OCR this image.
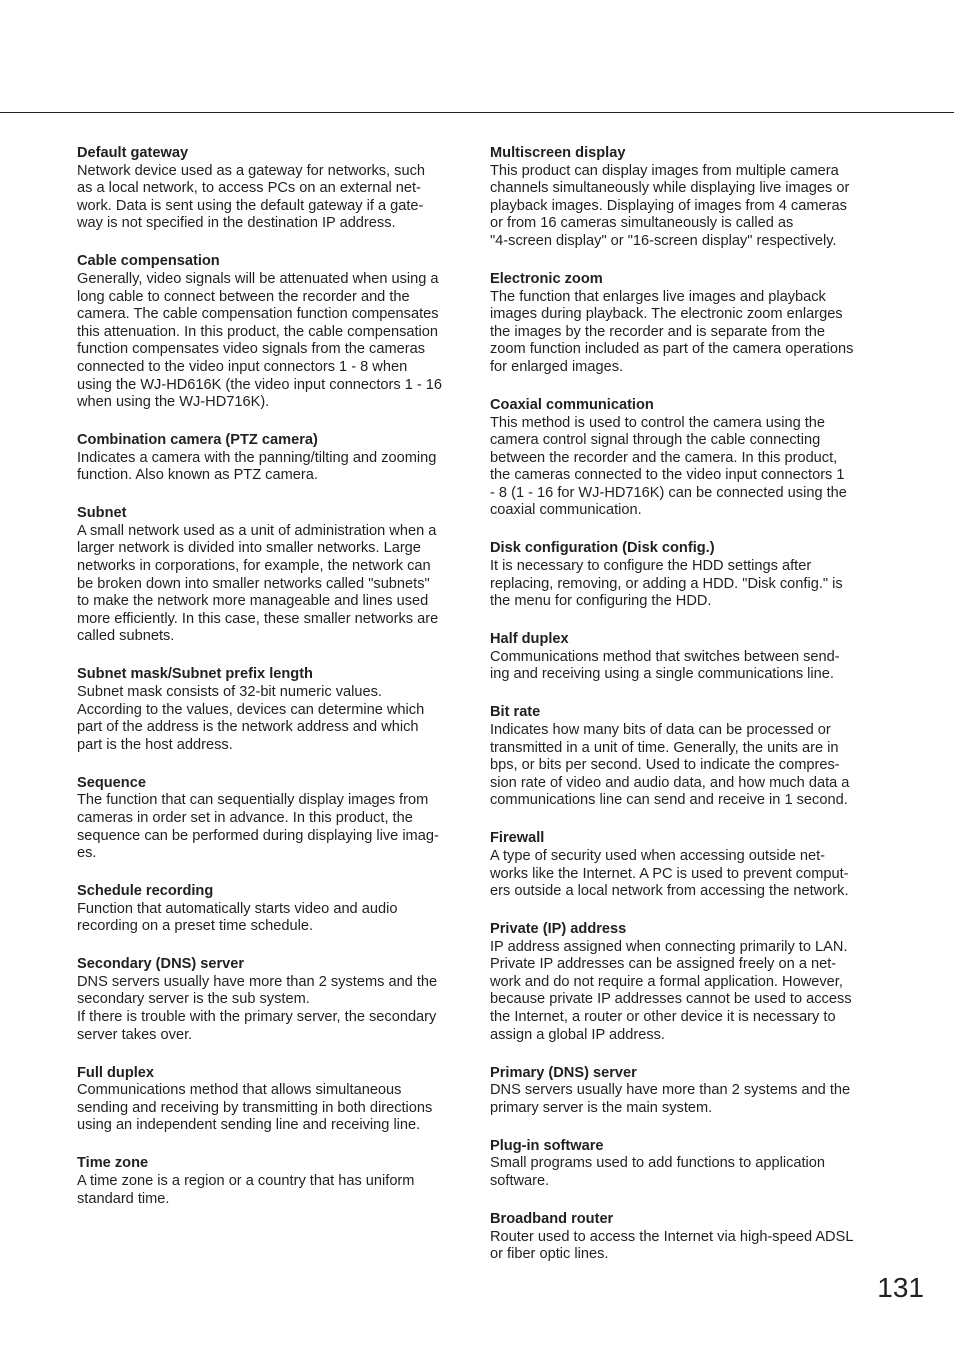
Default gateway
Network device used as a gateway for networks, such
as a local network, to access PCs on an external net-
work. Data is sent using the default gateway if a gate-
way is not specified in the destination IP address.
Cable compensation
Generally, video signals will be attenuated when using a
long cable to connect between the recorder and the
camera. The cable compensation function compensates
this attenuation. In this product, the cable compensation
function compensates video signals from the cameras
connected to the video input connectors 1 - 8 when
using the WJ-HD616K (the video input connectors 1 - 16
when using the WJ-HD716K).
Combination camera (PTZ camera)
Indicates a camera with the panning/tilting and zooming
function. Also known as PTZ camera.
Subnet
A small network used as a unit of administration when a
larger network is divided into smaller networks. Large
networks in corporations, for example, the network can
be broken down into smaller networks called "subnets"
to make the network more manageable and lines used
more efficiently. In this case, these smaller networks are
called subnets.
Subnet mask/Subnet prefix length
Subnet mask consists of 32-bit numeric values.
According to the values, devices can determine which
part of the address is the network address and which
part is the host address.
Sequence
The function that can sequentially display images from
cameras in order set in advance. In this product, the
sequence can be performed during displaying live imag-
es.
Schedule recording
Function that automatically starts video and audio
recording on a preset time schedule.
Secondary (DNS) server
DNS servers usually have more than 2 systems and the
secondary server is the sub system.
If there is trouble with the primary server, the secondary
server takes over.
Full duplex
Communications method that allows simultaneous
sending and receiving by transmitting in both directions
using an independent sending line and receiving line.
Time zone
A time zone is a region or a country that has uniform
standard time.
Multiscreen display
This product can display images from multiple camera
channels simultaneously while displaying live images or
playback images. Displaying of images from 4 cameras
or from 16 cameras simultaneously is called as
"4-screen display" or "16-screen display" respectively.
Electronic zoom
The function that enlarges live images and playback
images during playback. The electronic zoom enlarges
the images by the recorder and is separate from the
zoom function included as part of the camera operations
for enlarged images.
Coaxial communication
This method is used to control the camera using the
camera control signal through the cable connecting
between the recorder and the camera. In this product,
the cameras connected to the video input connectors 1
- 8 (1 - 16 for WJ-HD716K) can be connected using the
coaxial communication.
Disk configuration (Disk config.)
It is necessary to configure the HDD settings after
replacing, removing, or adding a HDD. "Disk config." is
the menu for configuring the HDD.
Half duplex
Communications method that switches between send-
ing and receiving using a single communications line.
Bit rate
Indicates how many bits of data can be processed or
transmitted in a unit of time. Generally, the units are in
bps, or bits per second. Used to indicate the compres-
sion rate of video and audio data, and how much data a
communications line can send and receive in 1 second.
Firewall
A type of security used when accessing outside net-
works like the Internet. A PC is used to prevent comput-
ers outside a local network from accessing the network.
Private (IP) address
IP address assigned when connecting primarily to LAN.
Private IP addresses can be assigned freely on a net-
work and do not require a formal application. However,
because private IP addresses cannot be used to access
the Internet, a router or other device it is necessary to
assign a global IP address.
Primary (DNS) server
DNS servers usually have more than 2 systems and the
primary server is the main system.
Plug-in software
Small programs used to add functions to application
software.
Broadband router
Router used to access the Internet via high-speed ADSL
or fiber optic lines.
131
